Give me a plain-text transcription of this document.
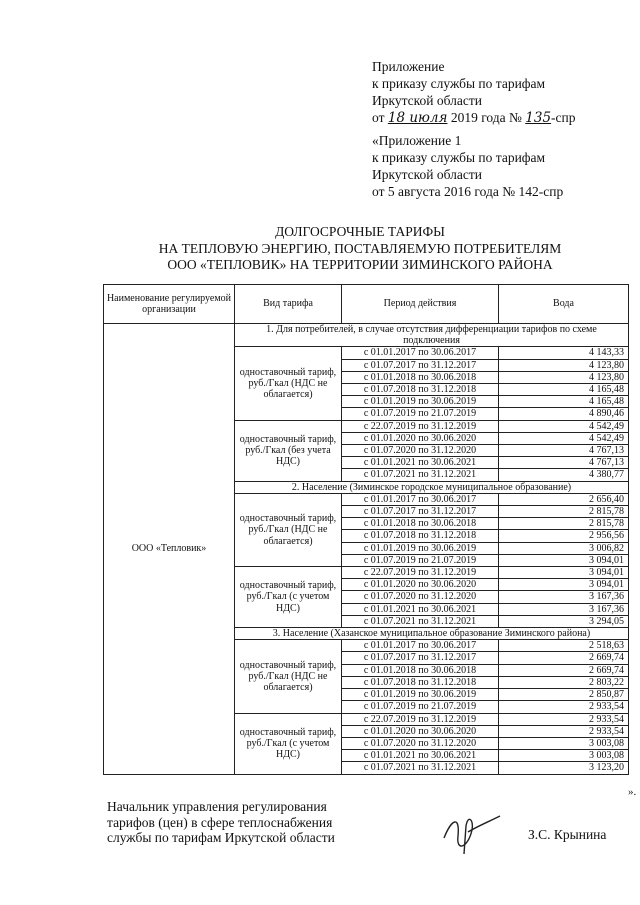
Приложение
к приказу службы по тарифам
Иркутской области
от 18 июля 2019 года № 135-спр
«Приложение 1
к приказу службы по тарифам
Иркутской области
от 5 августа 2016 года № 142-спр
ДОЛГОСРОЧНЫЕ ТАРИФЫ
НА ТЕПЛОВУЮ ЭНЕРГИЮ, ПОСТАВЛЯЕМУЮ ПОТРЕБИТЕЛЯМ
ООО «ТЕПЛОВИК» НА ТЕРРИТОРИИ ЗИМИНСКОГО РАЙОНА
Наименование регулируемой организации	Вид тарифа	Период действия	Вода
ООО «Тепловик»	1. Для потребителей, в случае отсутствия дифференциации тарифов по схеме подключения		
	одноставочный тариф, руб./Гкал (НДС не облагается)	с 01.01.2017 по 30.06.2017	4 143,33
		с 01.07.2017 по 31.12.2017	4 123,80
		с 01.01.2018 по 30.06.2018	4 123,80
		с 01.07.2018 по 31.12.2018	4 165,48
		с 01.01.2019 по 30.06.2019	4 165,48
		с 01.07.2019 по 21.07.2019	4 890,46
	одноставочный тариф, руб./Гкал (без учета НДС)	с 22.07.2019 по 31.12.2019	4 542,49
		с 01.01.2020 по 30.06.2020	4 542,49
		с 01.07.2020 по 31.12.2020	4 767,13
		с 01.01.2021 по 30.06.2021	4 767,13
		с 01.07.2021 по 31.12.2021	4 380,77
	2. Население (Зиминское городское муниципальное образование)		
	одноставочный тариф, руб./Гкал (НДС не облагается)	с 01.01.2017 по 30.06.2017	2 656,40
		с 01.07.2017 по 31.12.2017	2 815,78
		с 01.01.2018 по 30.06.2018	2 815,78
		с 01.07.2018 по 31.12.2018	2 956,56
		с 01.01.2019 по 30.06.2019	3 006,82
		с 01.07.2019 по 21.07.2019	3 094,01
	одноставочный тариф, руб./Гкал (с учетом НДС)	с 22.07.2019 по 31.12.2019	3 094,01
		с 01.01.2020 по 30.06.2020	3 094,01
		с 01.07.2020 по 31.12.2020	3 167,36
		с 01.01.2021 по 30.06.2021	3 167,36
		с 01.07.2021 по 31.12.2021	3 294,05
	3. Население (Хазанское муниципальное образование Зиминского района)		
	одноставочный тариф, руб./Гкал (НДС не облагается)	с 01.01.2017 по 30.06.2017	2 518,63
		с 01.07.2017 по 31.12.2017	2 669,74
		с 01.01.2018 по 30.06.2018	2 669,74
		с 01.07.2018 по 31.12.2018	2 803,22
		с 01.01.2019 по 30.06.2019	2 850,87
		с 01.07.2019 по 21.07.2019	2 933,54
	одноставочный тариф, руб./Гкал (с учетом НДС)	с 22.07.2019 по 31.12.2019	2 933,54
		с 01.01.2020 по 30.06.2020	2 933,54
		с 01.07.2020 по 31.12.2020	3 003,08
		с 01.01.2021 по 30.06.2021	3 003,08
		с 01.07.2021 по 31.12.2021	3 123,20
».
Начальник управления регулирования
тарифов (цен) в сфере теплоснабжения
службы по тарифам Иркутской области	З.С. Крынина
